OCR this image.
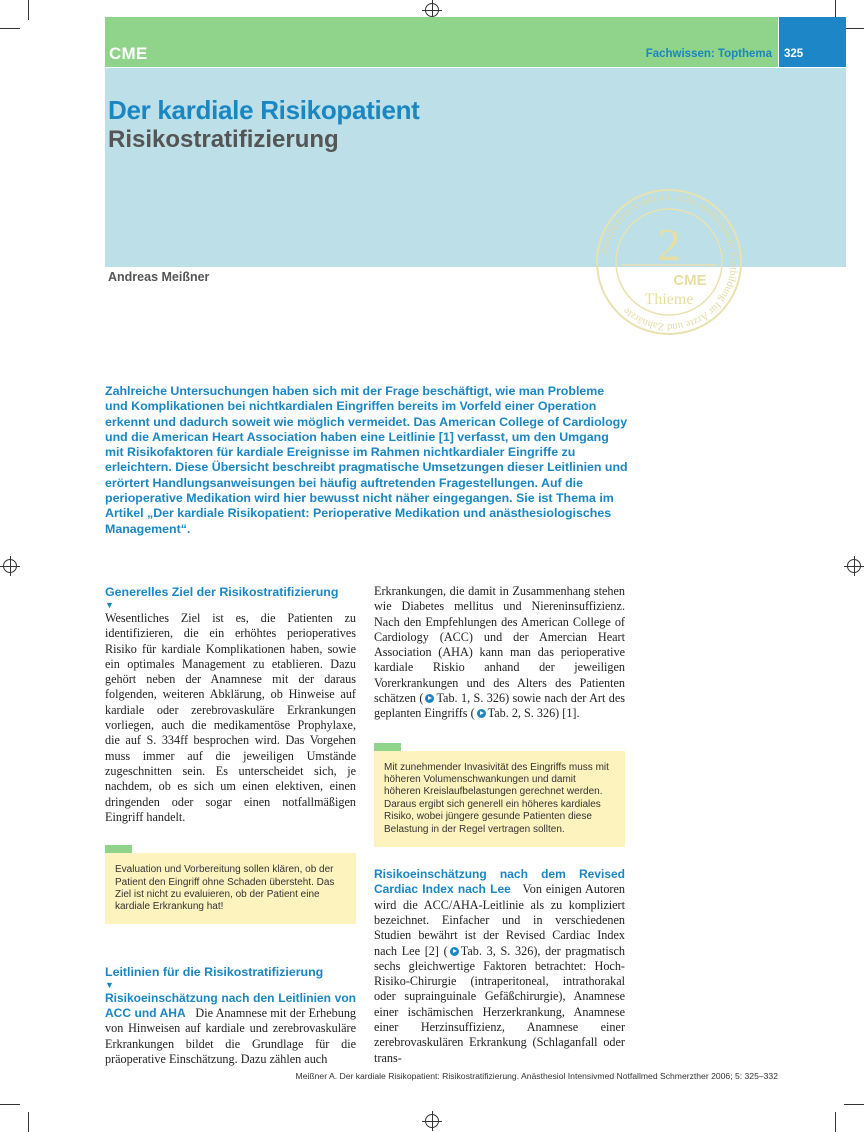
CME	Fachwissen: Topthema 325
Der kardiale Risikopatient
Risikostratifizierung
Andreas Meißner
Zertifizierte kontinuierliche medizinische Fortbildung für Ärzte und Zahnärzte
2
CME
Thieme

Zahlreiche Untersuchungen haben sich mit der Frage beschäftigt, wie man Probleme und Komplikationen bei nichtkardialen Eingriffen bereits im Vorfeld einer Operation erkennt und dadurch soweit wie möglich vermeidet. Das American College of Cardiology und die American Heart Association haben eine Leitlinie [1] verfasst, um den Umgang mit Risikofaktoren für kardiale Ereignisse im Rahmen nichtkardialer Eingriffe zu erleichtern. Diese Übersicht beschreibt pragmatische Umsetzungen dieser Leitlinien und erörtert Handlungsanweisungen bei häufig auftretenden Fragestellungen. Auf die perioperative Medikation wird hier bewusst nicht näher eingegangen. Sie ist Thema im Artikel „Der kardiale Risikopatient: Perioperative Medikation und anästhesiologisches Management“.

Generelles Ziel der Risikostratifizierung
▼

Wesentliches Ziel ist es, die Patienten zu identifizieren, die ein erhöhtes perioperatives Risiko für kardiale Komplikationen haben, sowie ein optimales Management zu etablieren. Dazu gehört neben der Anamnese mit der daraus folgenden, weiteren Abklärung, ob Hinweise auf kardiale oder zerebrovaskuläre Erkrankungen vorliegen, auch die medikamentöse Prophylaxe, die auf S. 334ff besprochen wird. Das Vorgehen muss immer auf die jeweiligen Umstände zugeschnitten sein. Es unterscheidet sich, je nachdem, ob es sich um einen elektiven, einen dringenden oder sogar einen notfallmäßigen Eingriff handelt.

Evaluation und Vorbereitung sollen klären, ob der Patient den Eingriff ohne Schaden übersteht. Das Ziel ist nicht zu evaluieren, ob der Patient eine kardiale Erkrankung hat!
Leitlinien für die Risikostratifizierung
▼

Risikoeinschätzung nach den Leitlinien von ACC und AHA Die Anamnese mit der Erhebung von Hinweisen auf kardiale und zerebrovaskuläre Erkrankungen bildet die Grundlage für die präoperative Einschätzung. Dazu zählen auch

Erkrankungen, die damit in Zusammenhang stehen wie Diabetes mellitus und Niereninsuffizienz. Nach den Empfehlungen des American College of Cardiology (ACC) und der Amercian Heart Association (AHA) kann man das perioperative kardiale Riskio anhand der jeweiligen Vorerkrankungen und des Alters des Patienten schätzen ( Tab. 1, S. 326) sowie nach der Art des geplanten Eingriffs ( Tab. 2, S. 326) [1].

Mit zunehmender Invasivität des Eingriffs muss mit höheren Volumenschwankungen und damit höheren Kreislaufbelastungen gerechnet werden. Daraus ergibt sich generell ein höheres kardiales Risiko, wobei jüngere gesunde Patienten diese Belastung in der Regel vertragen sollten.

Risikoeinschätzung nach dem Revised Cardiac Index nach Lee Von einigen Autoren wird die ACC/AHA-Leitlinie als zu kompliziert bezeichnet. Einfacher und in verschiedenen Studien bewährt ist der Revised Cardiac Index nach Lee [2] ( Tab. 3, S. 326), der pragmatisch sechs gleichwertige Faktoren betrachtet: Hoch-Risiko-Chirurgie (intraperitoneal, intrathorakal oder suprainguinale Gefäßchirurgie), Anamnese einer ischämischen Herzerkrankung, Anamnese einer Herzinsuffizienz, Anamnese einer zerebrovaskulären Erkrankung (Schlaganfall oder trans-

Meißner A. Der kardiale Risikopatient: Risikostratifizierung. Anästhesiol Intensivmed Notfallmed Schmerzther 2006; 5: 325–332
